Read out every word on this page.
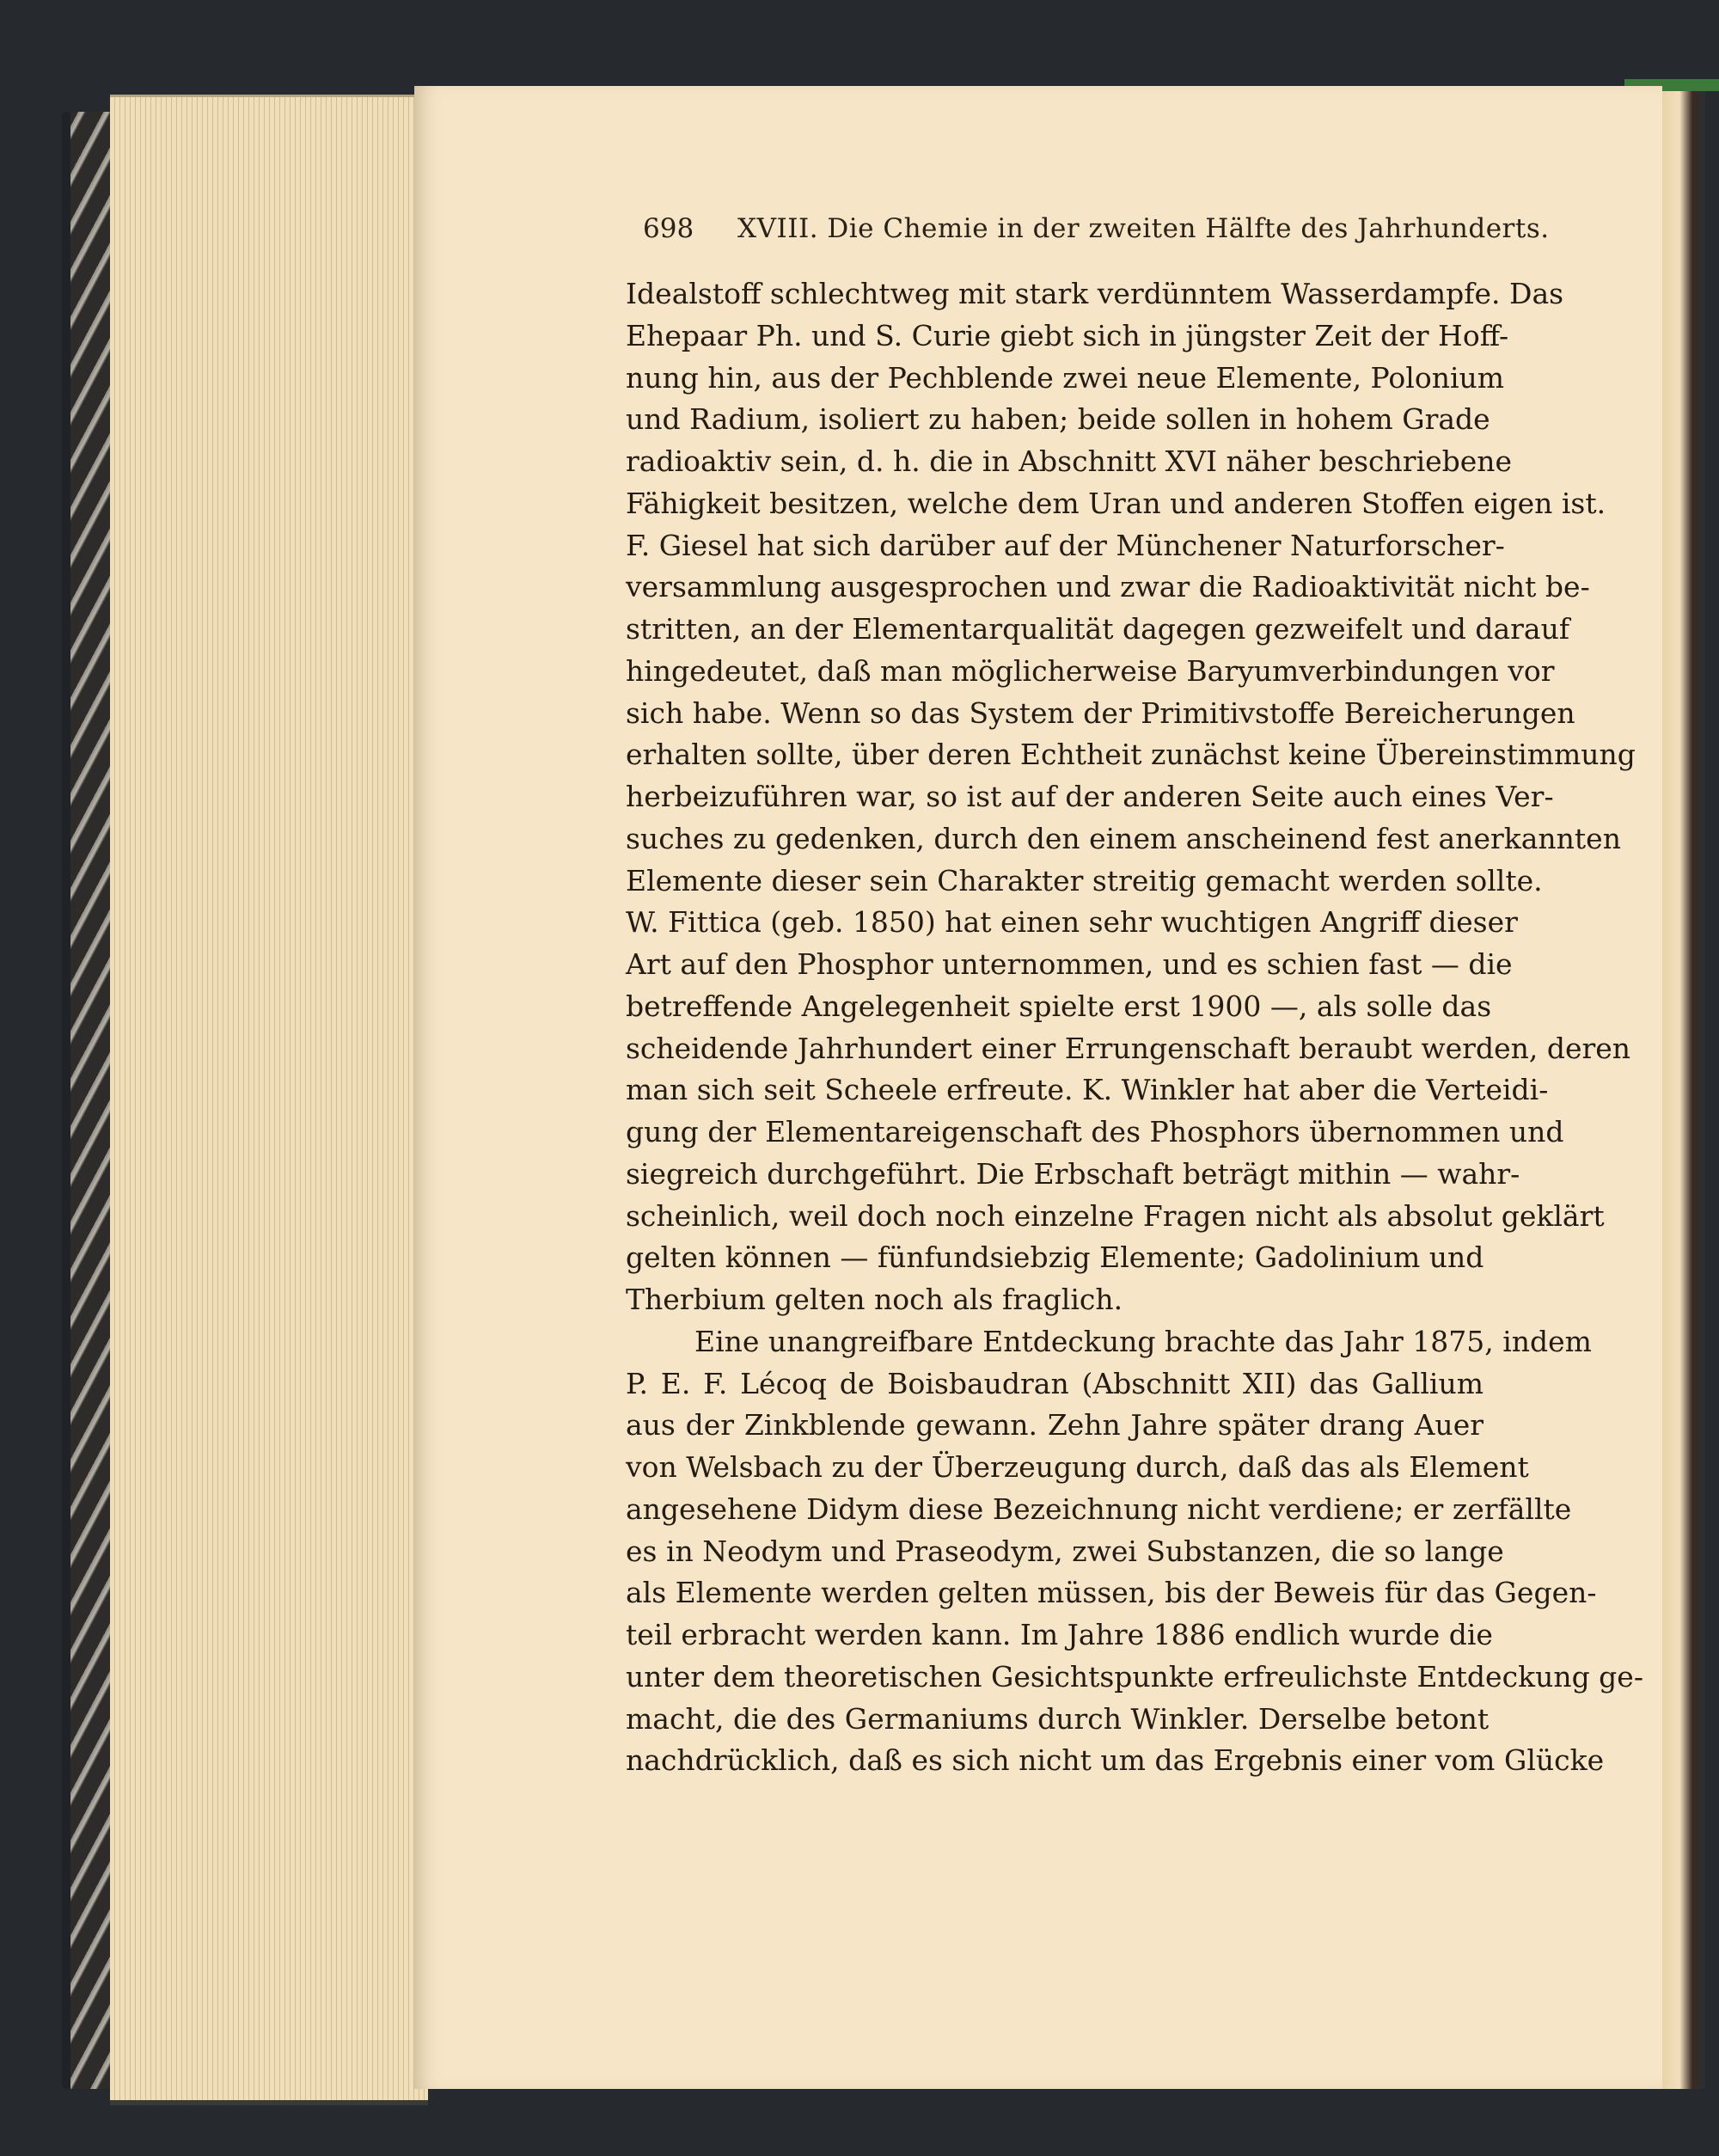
698 XVIII. Die Chemie in der zweiten Hälfte des Jahrhunderts.
Idealstoff schlechtweg mit stark verdünntem Wasserdampfe. Das
Ehepaar Ph. und S. Curie giebt sich in jüngster Zeit der Hoff-
nung hin, aus der Pechblende zwei neue Elemente, Polonium
und Radium, isoliert zu haben; beide sollen in hohem Grade
radioaktiv sein, d. h. die in Abschnitt XVI näher beschriebene
Fähigkeit besitzen, welche dem Uran und anderen Stoffen eigen ist.
F. Giesel hat sich darüber auf der Münchener Naturforscher-
versammlung ausgesprochen und zwar die Radioaktivität nicht be-
stritten, an der Elementarqualität dagegen gezweifelt und darauf
hingedeutet, daß man möglicherweise Baryumverbindungen vor
sich habe. Wenn so das System der Primitivstoffe Bereicherungen
erhalten sollte, über deren Echtheit zunächst keine Übereinstimmung
herbeizuführen war, so ist auf der anderen Seite auch eines Ver-
suches zu gedenken, durch den einem anscheinend fest anerkannten
Elemente dieser sein Charakter streitig gemacht werden sollte.
W. Fittica (geb. 1850) hat einen sehr wuchtigen Angriff dieser
Art auf den Phosphor unternommen, und es schien fast — die
betreffende Angelegenheit spielte erst 1900 —, als solle das
scheidende Jahrhundert einer Errungenschaft beraubt werden, deren
man sich seit Scheele erfreute. K. Winkler hat aber die Verteidi-
gung der Elementareigenschaft des Phosphors übernommen und
siegreich durchgeführt. Die Erbschaft beträgt mithin — wahr-
scheinlich, weil doch noch einzelne Fragen nicht als absolut geklärt
gelten können — fünfundsiebzig Elemente; Gadolinium und
Therbium gelten noch als fraglich.
Eine unangreifbare Entdeckung brachte das Jahr 1875, indem
P. E. F. Lécoq de Boisbaudran (Abschnitt XII) das Gallium
aus der Zinkblende gewann. Zehn Jahre später drang Auer
von Welsbach zu der Überzeugung durch, daß das als Element
angesehene Didym diese Bezeichnung nicht verdiene; er zerfällte
es in Neodym und Praseodym, zwei Substanzen, die so lange
als Elemente werden gelten müssen, bis der Beweis für das Gegen-
teil erbracht werden kann. Im Jahre 1886 endlich wurde die
unter dem theoretischen Gesichtspunkte erfreulichste Entdeckung ge-
macht, die des Germaniums durch Winkler. Derselbe betont
nachdrücklich, daß es sich nicht um das Ergebnis einer vom Glücke
